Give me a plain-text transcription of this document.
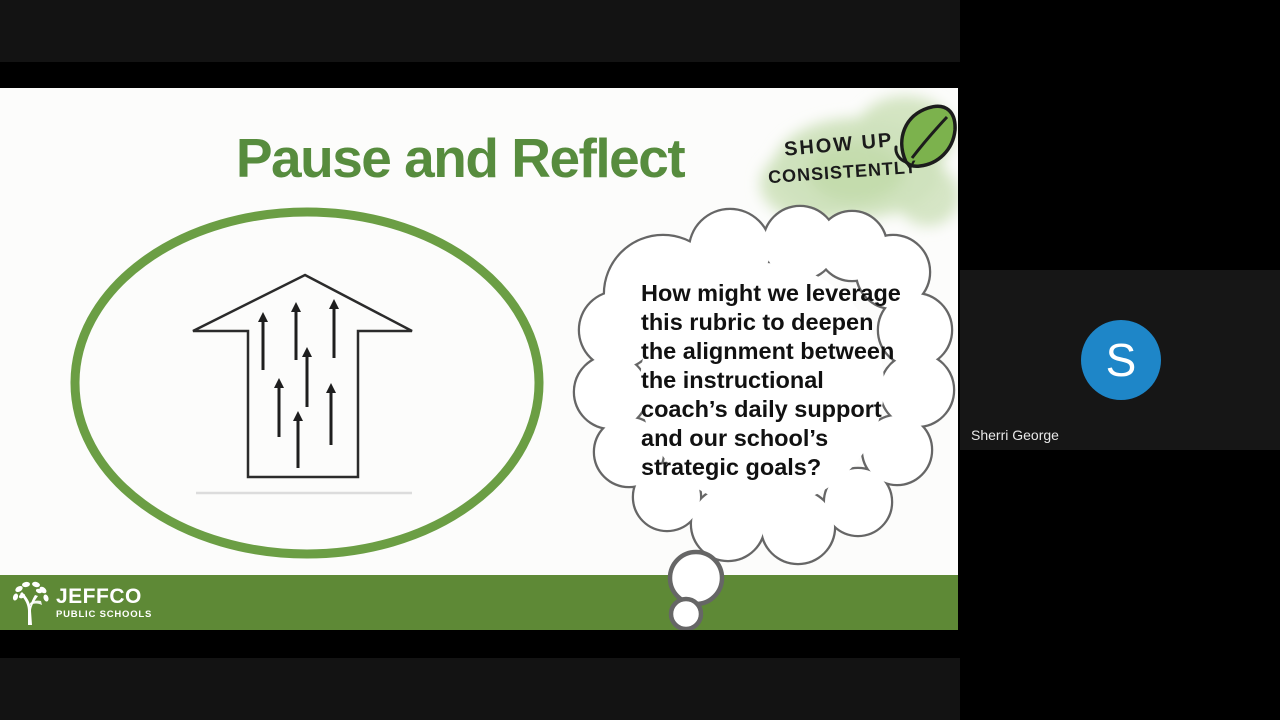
Pause and Reflect	SHOW UP
CONSISTENTLY
How might we leverage
this rubric to deepen
the alignment between
the instructional
coach’s daily support
and our school’s
strategic goals?
JEFFCO
PUBLIC SCHOOLS
S
Sherri George
